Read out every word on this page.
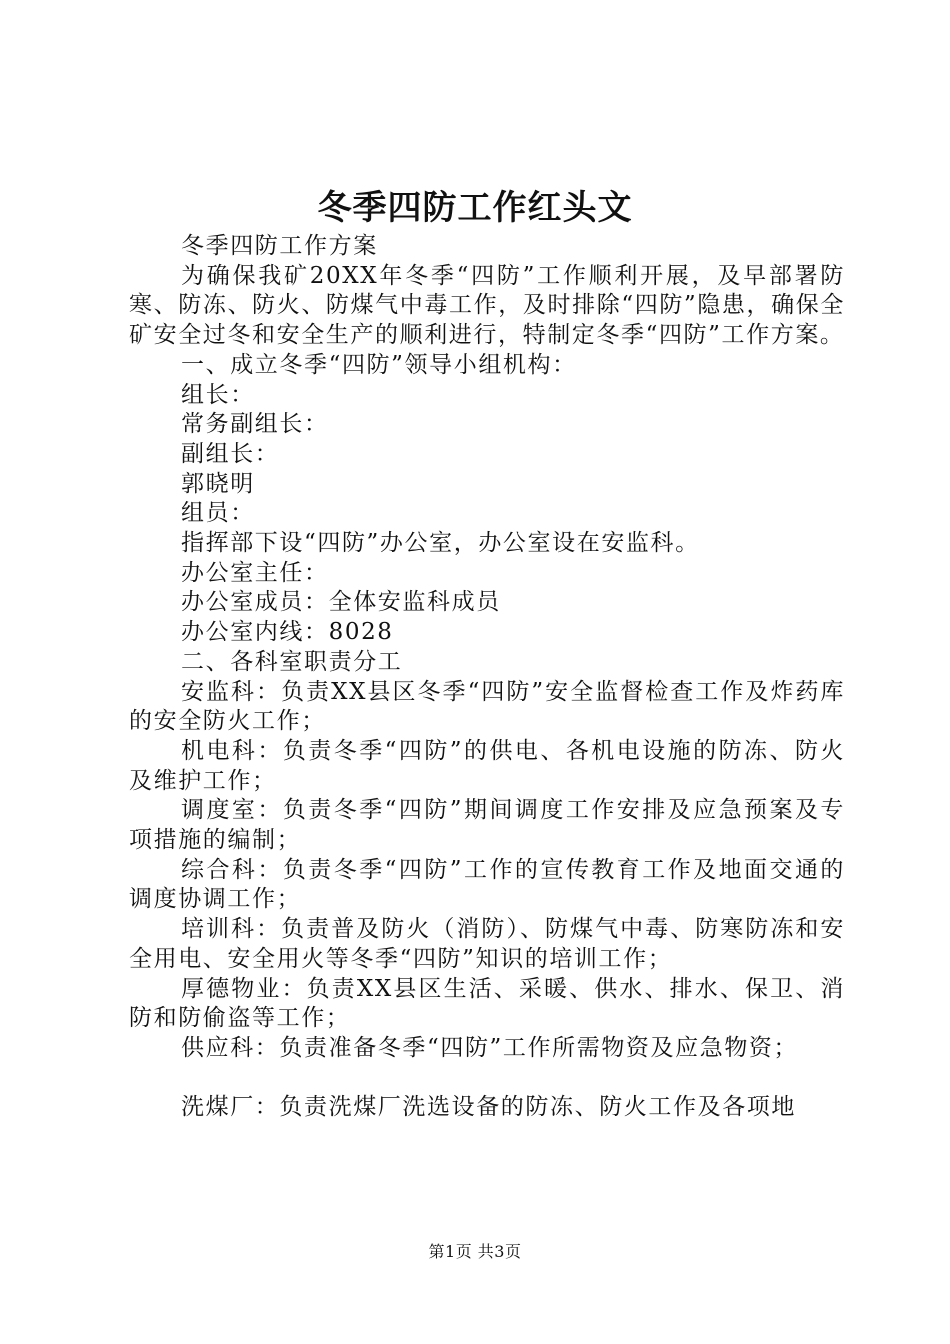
冬季四防工作红头文

冬季四防工作方案

为确保我矿20XX年冬季“四防”工作顺利开展，及早部署防寒、防冻、防火、防煤气中毒工作，及时排除“四防”隐患，确保全矿安全过冬和安全生产的顺利进行，特制定冬季“四防”工作方案。

一、成立冬季“四防”领导小组机构：

组长：

常务副组长：

副组长：

郭晓明

组员：

指挥部下设“四防”办公室，办公室设在安监科。

办公室主任：

办公室成员：全体安监科成员

办公室内线：8028

二、各科室职责分工

安监科：负责XX县区冬季“四防”安全监督检查工作及炸药库的安全防火工作；

机电科：负责冬季“四防”的供电、各机电设施的防冻、防火及维护工作；

调度室：负责冬季“四防”期间调度工作安排及应急预案及专项措施的编制；

综合科：负责冬季“四防”工作的宣传教育工作及地面交通的调度协调工作；

培训科：负责普及防火（消防）、防煤气中毒、防寒防冻和安全用电、安全用火等冬季“四防”知识的培训工作；

厚德物业：负责XX县区生活、采暖、供水、排水、保卫、消防和防偷盗等工作；

供应科：负责准备冬季“四防”工作所需物资及应急物资；

洗煤厂：负责洗煤厂洗选设备的防冻、防火工作及各项地

第1页 共3页
